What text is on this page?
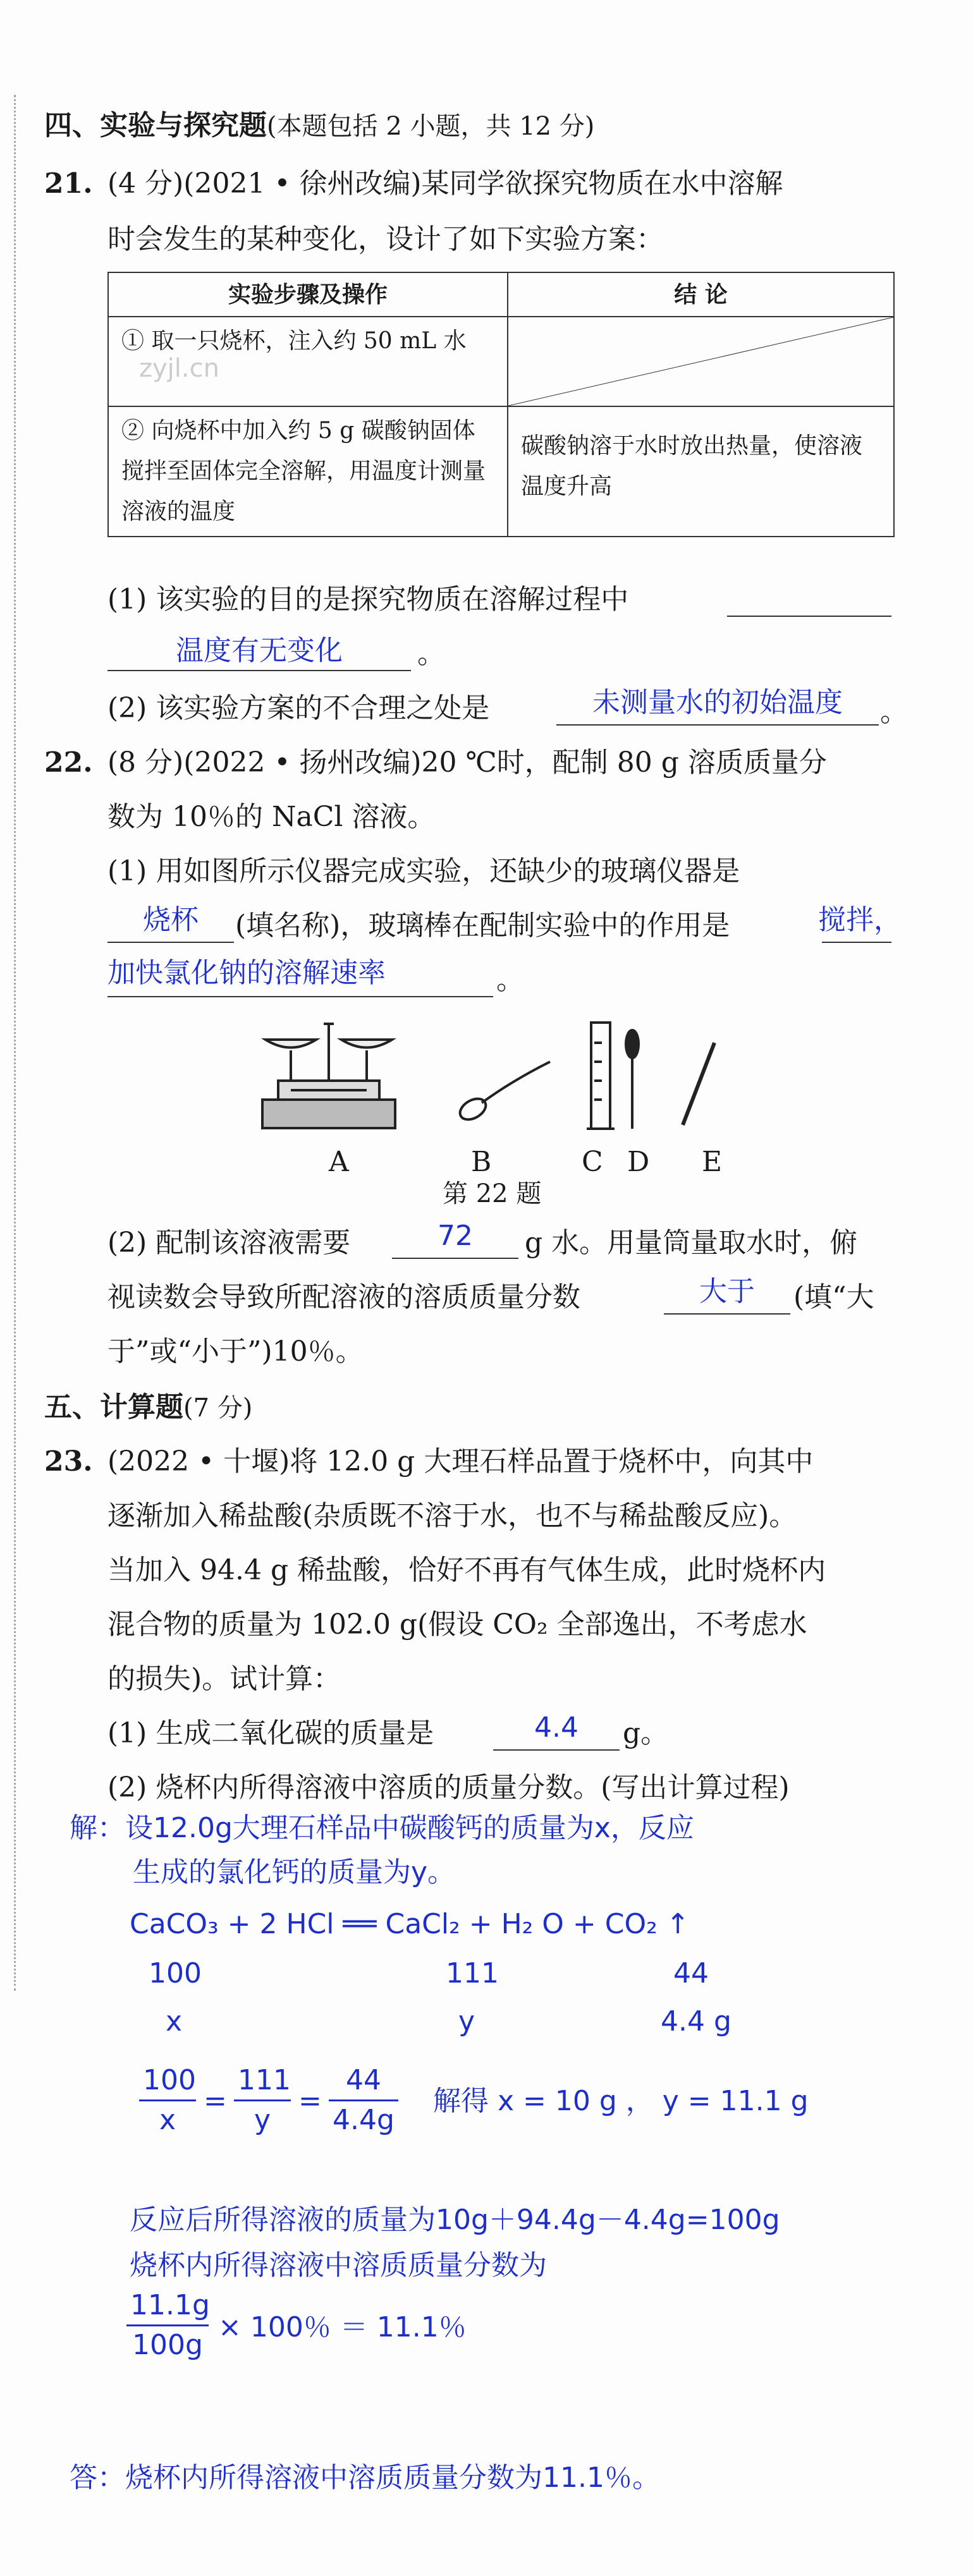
四、实验与探究题(本题包括 2 小题，共 12 分)
21. (4 分)(2021 • 徐州改编)某同学欲探究物质在水中溶解
时会发生的某种变化，设计了如下实验方案：
实验步骤及操作	结 论
① 取一只烧杯，注入约 50 mL 水	

② 向烧杯中加入约 5 g 碳酸钠固体搅拌至固体完全溶解，用温度计测量溶液的温度	碳酸钠溶于水时放出热量，使溶液温度升高
zyjl.cn
(1) 该实验的目的是探究物质在溶解过程中
温度有无变化	。
(2) 该实验方案的不合理之处是	未测量水的初始温度	。
22. (8 分)(2022 • 扬州改编)20 ℃时，配制 80 g 溶质质量分
数为 10％的 NaCl 溶液。
(1) 用如图所示仪器完成实验，还缺少的玻璃仪器是
烧杯	(填名称)，玻璃棒在配制实验中的作用是	搅拌，
加快氯化钠的溶解速率	。
A	B	C D E
第 22 题
(2) 配制该溶液需要	72	g 水。用量筒量取水时，俯
视读数会导致所配溶液的溶质质量分数	大于	(填“大
于”或“小于”)10％。
五、计算题(7 分)
23. (2022 • 十堰)将 12.0 g 大理石样品置于烧杯中，向其中
逐渐加入稀盐酸(杂质既不溶于水，也不与稀盐酸反应)。
当加入 94.4 g 稀盐酸，恰好不再有气体生成，此时烧杯内
混合物的质量为 102.0 g(假设 CO₂ 全部逸出，不考虑水
的损失)。试计算：
(1) 生成二氧化碳的质量是	4.4	g。
(2) 烧杯内所得溶液中溶质的质量分数。(写出计算过程)
解：设12.0g大理石样品中碳酸钙的质量为x，反应
生成的氯化钙的质量为y。
CaCO₃ + 2 HCl ══ CaCl₂ + H₂ O + CO₂ ↑
100	111	44
x	y	4.4 g
$\frac{100}{x} = \frac{111}{y} = \frac{44}{4.4g}$ 解得 x = 10 g ， y = 11.1 g
反应后所得溶液的质量为10g＋94.4g－4.4g=100g
烧杯内所得溶液中溶质质量分数为
$\frac{11.1g}{100g} \times 100$％ ＝ 11.1％
答：烧杯内所得溶液中溶质质量分数为11.1％。
